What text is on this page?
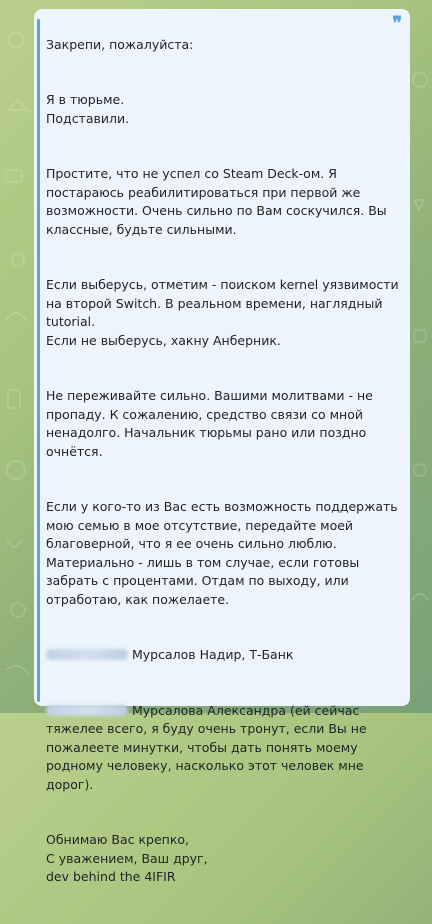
❞

Закрепи, пожалуйста:

Я в тюрьме.
Подставили.

Простите, что не успел со Steam Deck-ом. Я
постараюсь реабилитироваться при первой же
возможности. Очень сильно по Вам соскучился. Вы
классные, будьте сильными.

Если выберусь, отметим - поиском kernel уязвимости
на второй Switch. В реальном времени, наглядный
tutorial.
Если не выберусь, хакну Анберник.

Не переживайте сильно. Вашими молитвами - не
пропаду. К сожалению, средство связи со мной
ненадолго. Начальник тюрьмы рано или поздно
очнётся.

Если у кого-то из Вас есть возможность поддержать
мою семью в мое отсутствие, передайте моей
благоверной, что я ее очень сильно люблю.
Материально - лишь в том случае, если готовы
забрать с процентами. Отдам по выходу, или
отработаю, как пожелаете.

Мурсалов Надир, Т-Банк

Мурсалова Александра (ей сейчас
тяжелее всего, я буду очень тронут, если Вы не
пожалеете минутки, чтобы дать понять моему
родному человеку, насколько этот человек мне
дорог).

Обнимаю Вас крепко,
С уважением, Ваш друг,
dev behind the 4IFIR
